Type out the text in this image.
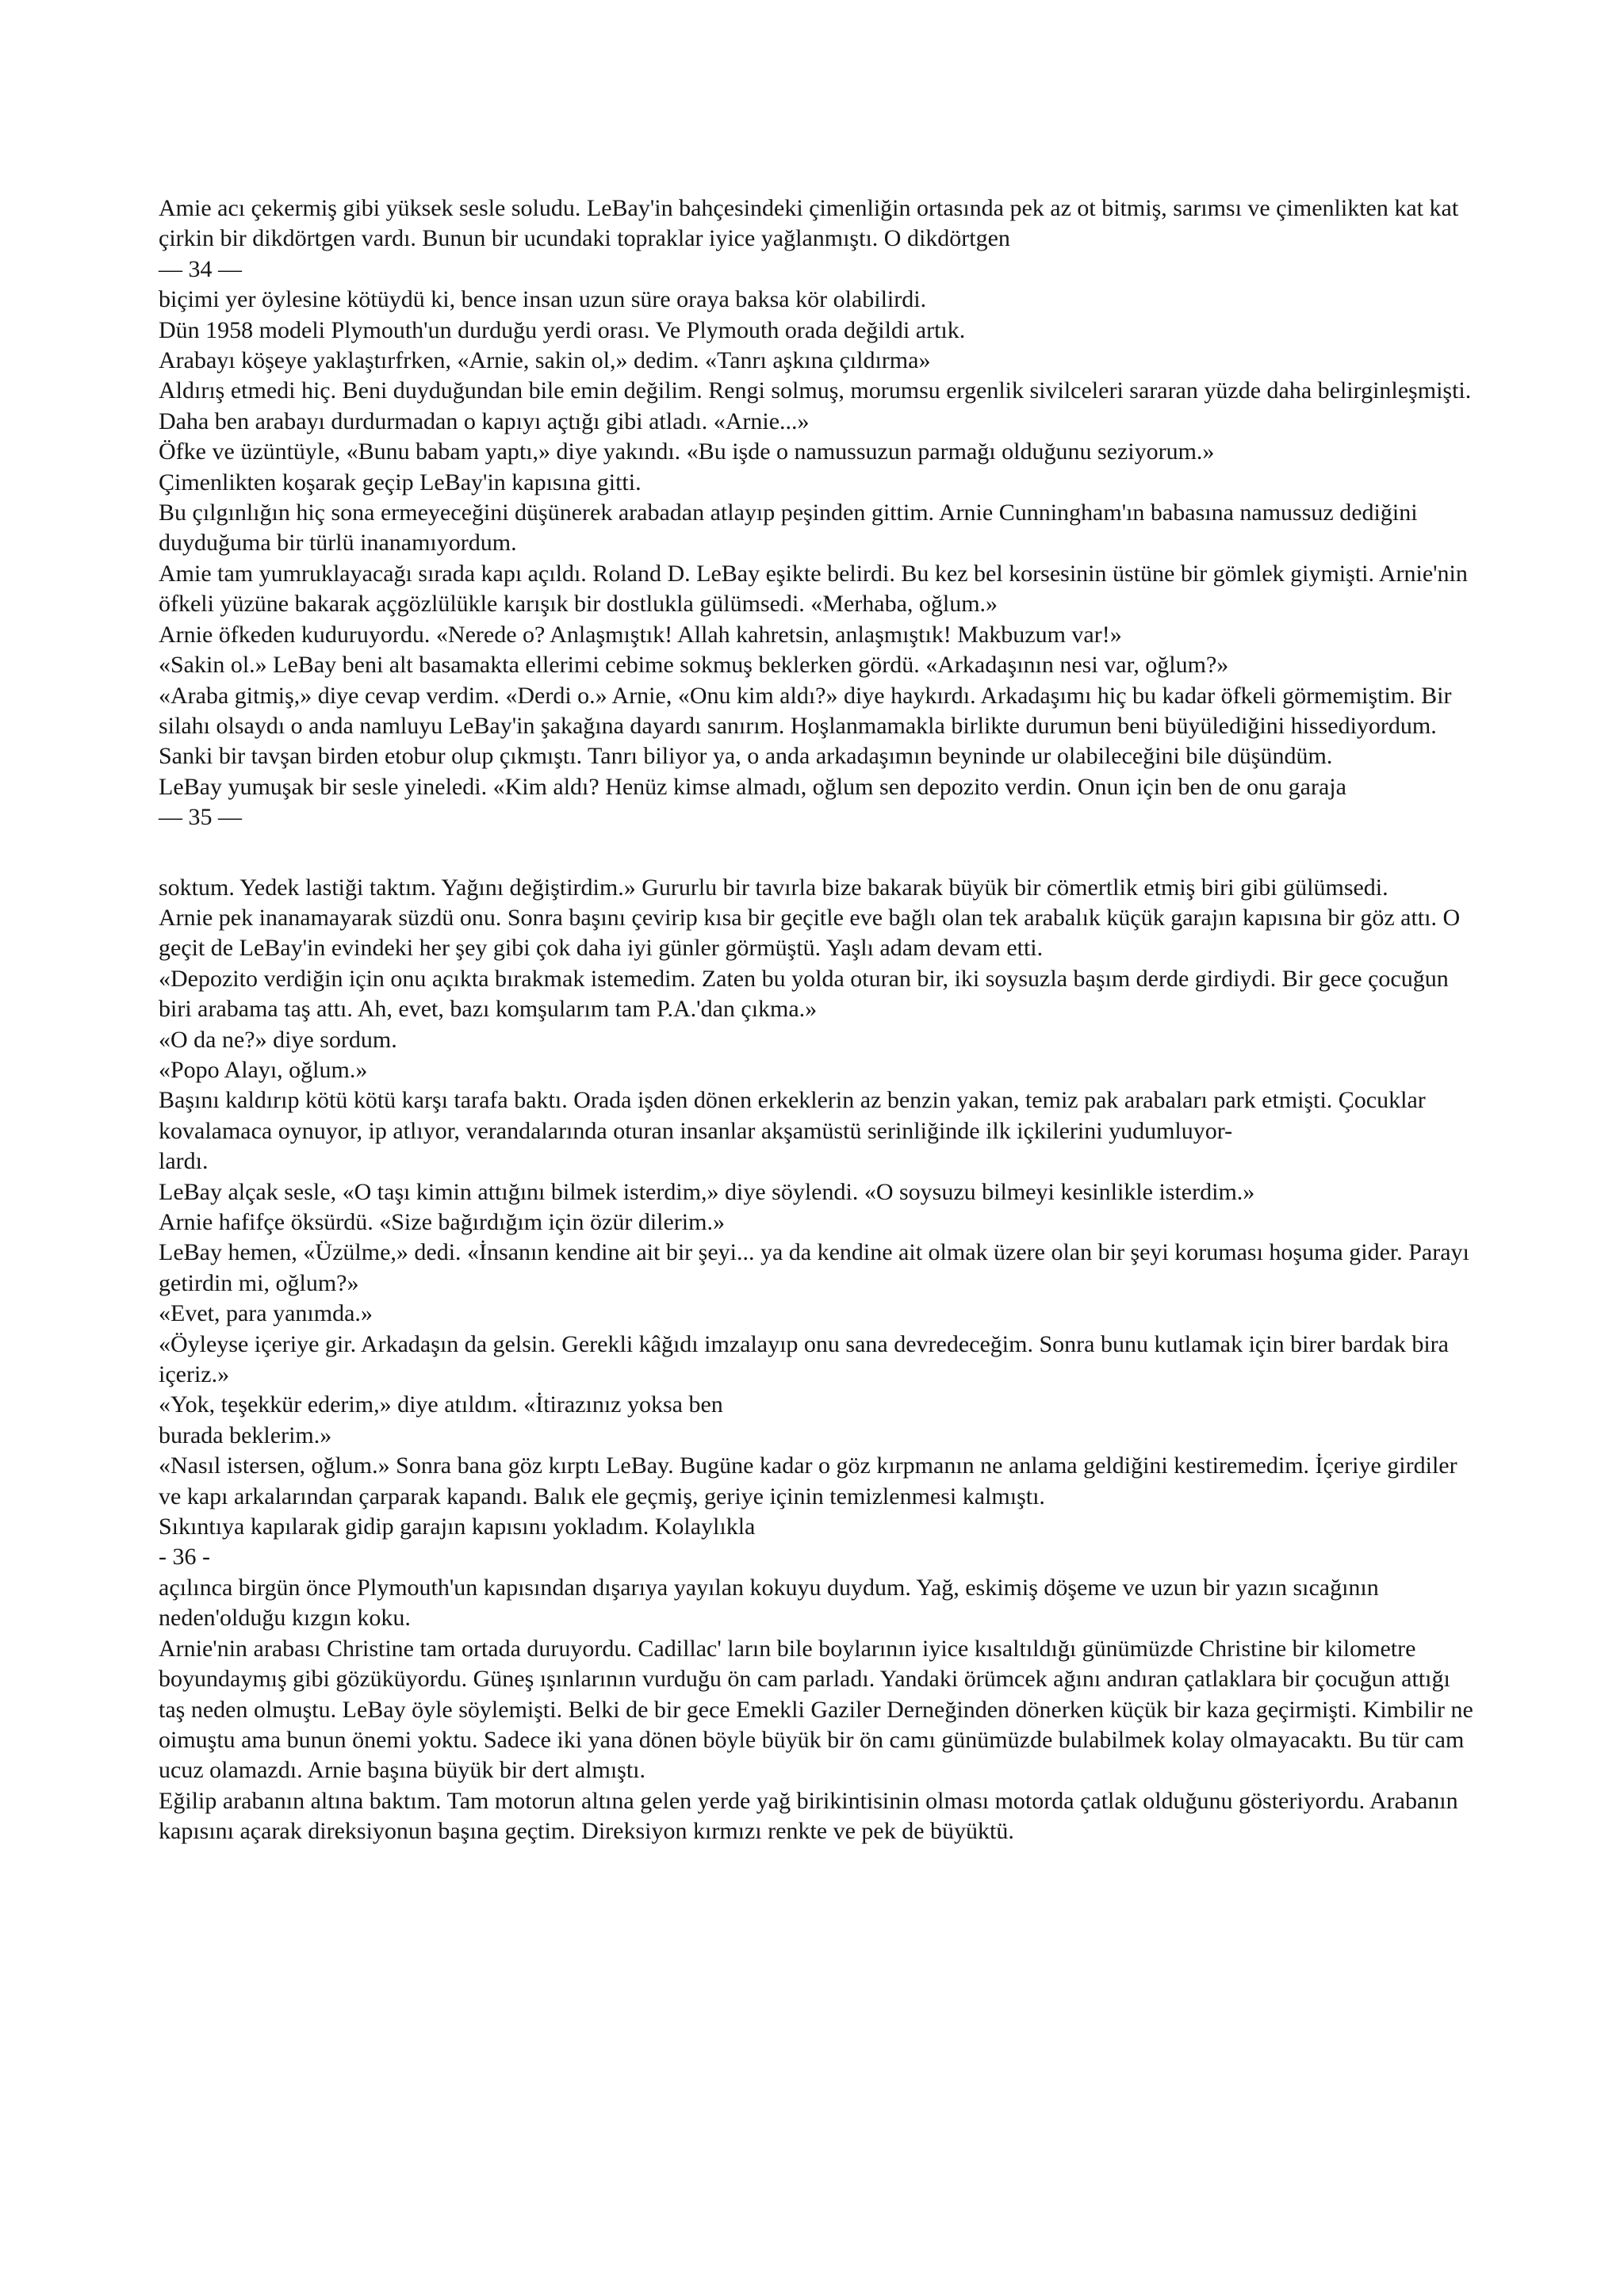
Amie acı çekermiş gibi yüksek sesle soludu. LeBay'in bahçesindeki çimenliğin ortasında pek az ot bitmiş, sarımsı ve çimenlikten kat kat çirkin bir dikdörtgen vardı. Bunun bir ucundaki topraklar iyice yağlanmıştı. O dikdörtgen

— 34 —

biçimi yer öylesine kötüydü ki, bence insan uzun süre oraya baksa kör olabilirdi.

Dün 1958 modeli Plymouth'un durduğu yerdi orası. Ve Plymouth orada değildi artık.

Arabayı köşeye yaklaştırfrken, «Arnie, sakin ol,» dedim. «Tanrı aşkına çıldırma»

Aldırış etmedi hiç. Beni duyduğundan bile emin değilim. Rengi solmuş, morumsu ergenlik sivilceleri sararan yüzde daha belirginleşmişti. Daha ben arabayı durdurmadan o kapıyı açtığı gibi atladı. «Arnie...»

Öfke ve üzüntüyle, «Bunu babam yaptı,» diye yakındı. «Bu işde o namussuzun parmağı olduğunu seziyorum.»

Çimenlikten koşarak geçip LeBay'in kapısına gitti.

Bu çılgınlığın hiç sona ermeyeceğini düşünerek arabadan atlayıp peşinden gittim. Arnie Cunningham'ın babasına namussuz dediğini duyduğuma bir türlü inanamıyordum.

Amie tam yumruklayacağı sırada kapı açıldı. Roland D. LeBay eşikte belirdi. Bu kez bel korsesinin üstüne bir gömlek giymişti. Arnie'nin öfkeli yüzüne bakarak açgözlülükle karışık bir dostlukla gülümsedi. «Merhaba, oğlum.»

Arnie öfkeden kuduruyordu. «Nerede o? Anlaşmıştık! Allah kahretsin, anlaşmıştık! Makbuzum var!»

«Sakin ol.» LeBay beni alt basamakta ellerimi cebime sokmuş beklerken gördü. «Arkadaşının nesi var, oğlum?»

«Araba gitmiş,» diye cevap verdim. «Derdi o.» Arnie, «Onu kim aldı?» diye haykırdı. Arkadaşımı hiç bu kadar öfkeli görmemiştim. Bir silahı olsaydı o anda namluyu LeBay'in şakağına dayardı sanırım. Hoşlanmamakla birlikte durumun beni büyülediğini hissediyordum. Sanki bir tavşan birden etobur olup çıkmıştı. Tanrı biliyor ya, o anda arkadaşımın beyninde ur olabileceğini bile düşündüm.

LeBay yumuşak bir sesle yineledi. «Kim aldı? Henüz kimse almadı, oğlum sen depozito verdin. Onun için ben de onu garaja

— 35 —

soktum. Yedek lastiği taktım. Yağını değiştirdim.» Gururlu bir tavırla bize bakarak büyük bir cömertlik etmiş biri gibi gülümsedi.

Arnie pek inanamayarak süzdü onu. Sonra başını çevirip kısa bir geçitle eve bağlı olan tek arabalık küçük garajın kapısına bir göz attı. O geçit de LeBay'in evindeki her şey gibi çok daha iyi günler görmüştü. Yaşlı adam devam etti.

«Depozito verdiğin için onu açıkta bırakmak istemedim. Zaten bu yolda oturan bir, iki soysuzla başım derde girdiydi. Bir gece çocuğun biri arabama taş attı. Ah, evet, bazı komşularım tam P.A.'dan çıkma.»

«O da ne?» diye sordum.

«Popo Alayı, oğlum.»

Başını kaldırıp kötü kötü karşı tarafa baktı. Orada işden dönen erkeklerin az benzin yakan, temiz pak arabaları park etmişti. Çocuklar kovalamaca oynuyor, ip atlıyor, verandalarında oturan insanlar akşamüstü serinliğinde ilk içkilerini yudumluyor-

lardı.

LeBay alçak sesle, «O taşı kimin attığını bilmek isterdim,» diye söylendi. «O soysuzu bilmeyi kesinlikle isterdim.»

Arnie hafifçe öksürdü. «Size bağırdığım için özür dilerim.»

LeBay hemen, «Üzülme,» dedi. «İnsanın kendine ait bir şeyi... ya da kendine ait olmak üzere olan bir şeyi koruması hoşuma gider. Parayı getirdin mi, oğlum?»

«Evet, para yanımda.»

«Öyleyse içeriye gir. Arkadaşın da gelsin. Gerekli kâğıdı imzalayıp onu sana devredeceğim. Sonra bunu kutlamak için birer bardak bira içeriz.»

«Yok, teşekkür ederim,» diye atıldım. «İtirazınız yoksa ben

burada beklerim.»

«Nasıl istersen, oğlum.» Sonra bana göz kırptı LeBay. Bugüne kadar o göz kırpmanın ne anlama geldiğini kestiremedim. İçeriye girdiler ve kapı arkalarından çarparak kapandı. Balık ele geçmiş, geriye içinin temizlenmesi kalmıştı.

Sıkıntıya kapılarak gidip garajın kapısını yokladım. Kolaylıkla

- 36 -

açılınca birgün önce Plymouth'un kapısından dışarıya yayılan kokuyu duydum. Yağ, eskimiş döşeme ve uzun bir yazın sıcağının neden'olduğu kızgın koku.

Arnie'nin arabası Christine tam ortada duruyordu. Cadillac' ların bile boylarının iyice kısaltıldığı günümüzde Christine bir kilometre boyundaymış gibi gözüküyordu. Güneş ışınlarının vurduğu ön cam parladı. Yandaki örümcek ağını andıran çatlaklara bir çocuğun attığı taş neden olmuştu. LeBay öyle söylemişti. Belki de bir gece Emekli Gaziler Derneğinden dönerken küçük bir kaza geçirmişti. Kimbilir ne oimuştu ama bunun önemi yoktu. Sadece iki yana dönen böyle büyük bir ön camı günümüzde bulabilmek kolay olmayacaktı. Bu tür cam ucuz olamazdı. Arnie başına büyük bir dert almıştı.

Eğilip arabanın altına baktım. Tam motorun altına gelen yerde yağ birikintisinin olması motorda çatlak olduğunu gösteriyordu. Arabanın kapısını açarak direksiyonun başına geçtim. Direksiyon kırmızı renkte ve pek de büyüktü.
